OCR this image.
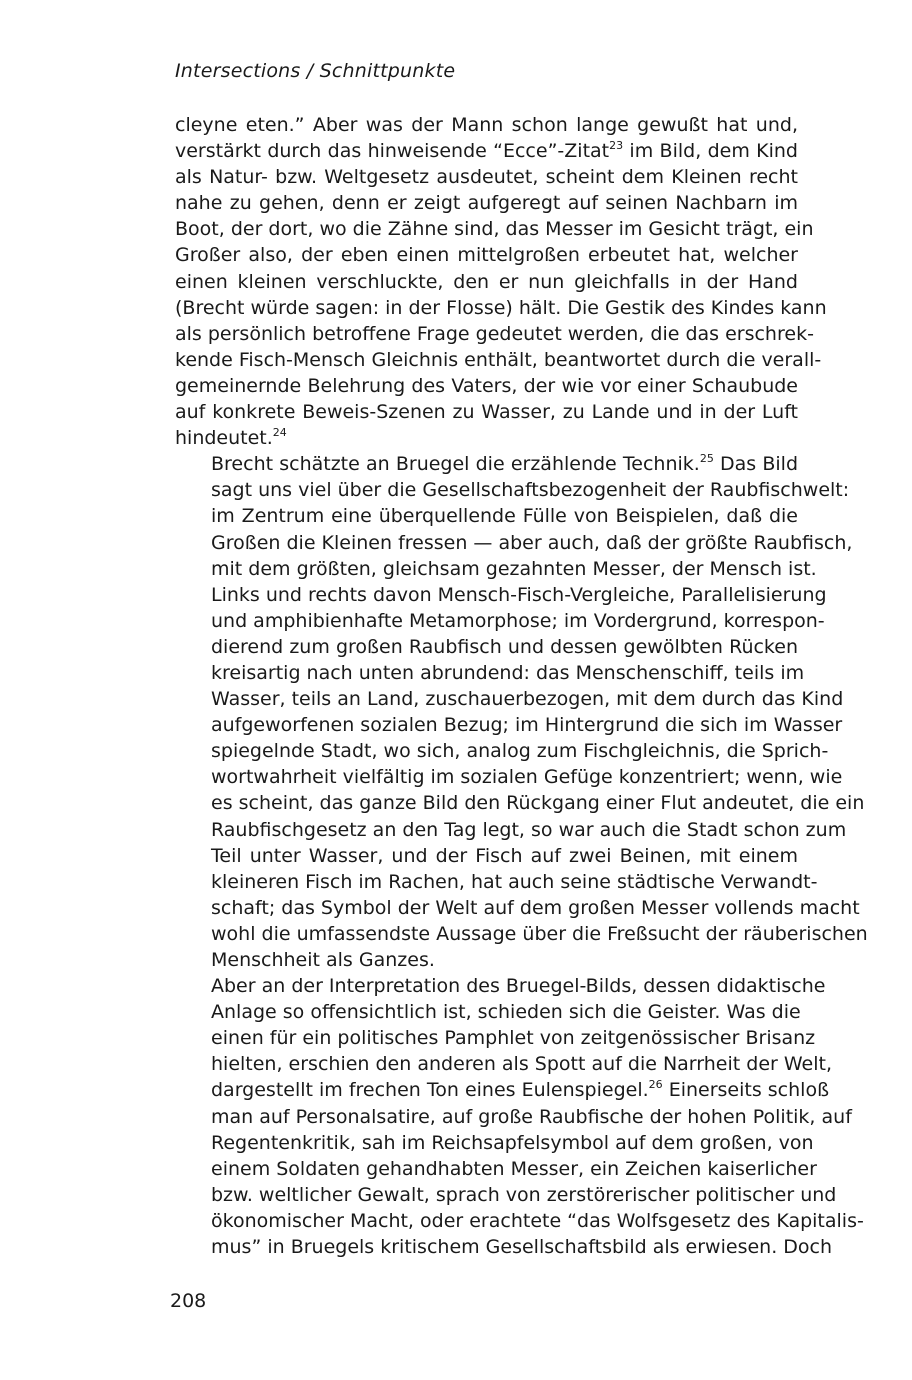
Intersections / Schnittpunkte

cleyne eten.” Aber was der Mann schon lange gewußt hat und,
verstärkt durch das hinweisende “Ecce”-Zitat$^{23}$ im Bild, dem Kind
als Natur- bzw. Weltgesetz ausdeutet, scheint dem Kleinen recht
nahe zu gehen, denn er zeigt aufgeregt auf seinen Nachbarn im
Boot, der dort, wo die Zähne sind, das Messer im Gesicht trägt, ein
Großer also, der eben einen mittelgroßen erbeutet hat, welcher
einen kleinen verschluckte, den er nun gleichfalls in der Hand
(Brecht würde sagen: in der Flosse) hält. Die Gestik des Kindes kann
als persönlich betroffene Frage gedeutet werden, die das erschrek-
kende Fisch-Mensch Gleichnis enthält, beantwortet durch die verall-
gemeinernde Belehrung des Vaters, der wie vor einer Schaubude
auf konkrete Beweis-Szenen zu Wasser, zu Lande und in der Luft
hindeutet.$^{24}$

Brecht schätzte an Bruegel die erzählende Technik.$^{25}$ Das Bild
sagt uns viel über die Gesellschaftsbezogenheit der Raubfischwelt:
im Zentrum eine überquellende Fülle von Beispielen, daß die
Großen die Kleinen fressen — aber auch, daß der größte Raubfisch,
mit dem größten, gleichsam gezahnten Messer, der Mensch ist.
Links und rechts davon Mensch-Fisch-Vergleiche, Parallelisierung
und amphibienhafte Metamorphose; im Vordergrund, korrespon-
dierend zum großen Raubfisch und dessen gewölbten Rücken
kreisartig nach unten abrundend: das Menschenschiff, teils im
Wasser, teils an Land, zuschauerbezogen, mit dem durch das Kind
aufgeworfenen sozialen Bezug; im Hintergrund die sich im Wasser
spiegelnde Stadt, wo sich, analog zum Fischgleichnis, die Sprich-
wortwahrheit vielfältig im sozialen Gefüge konzentriert; wenn, wie
es scheint, das ganze Bild den Rückgang einer Flut andeutet, die ein
Raubfischgesetz an den Tag legt, so war auch die Stadt schon zum
Teil unter Wasser, und der Fisch auf zwei Beinen, mit einem
kleineren Fisch im Rachen, hat auch seine städtische Verwandt-
schaft; das Symbol der Welt auf dem großen Messer vollends macht
wohl die umfassendste Aussage über die Freßsucht der räuberischen
Menschheit als Ganzes.

Aber an der Interpretation des Bruegel-Bilds, dessen didaktische
Anlage so offensichtlich ist, schieden sich die Geister. Was die
einen für ein politisches Pamphlet von zeitgenössischer Brisanz
hielten, erschien den anderen als Spott auf die Narrheit der Welt,
dargestellt im frechen Ton eines Eulenspiegel.$^{26}$ Einerseits schloß
man auf Personalsatire, auf große Raubfische der hohen Politik, auf
Regentenkritik, sah im Reichsapfelsymbol auf dem großen, von
einem Soldaten gehandhabten Messer, ein Zeichen kaiserlicher
bzw. weltlicher Gewalt, sprach von zerstörerischer politischer und
ökonomischer Macht, oder erachtete “das Wolfsgesetz des Kapitalis-
mus” in Bruegels kritischem Gesellschaftsbild als erwiesen. Doch

208
